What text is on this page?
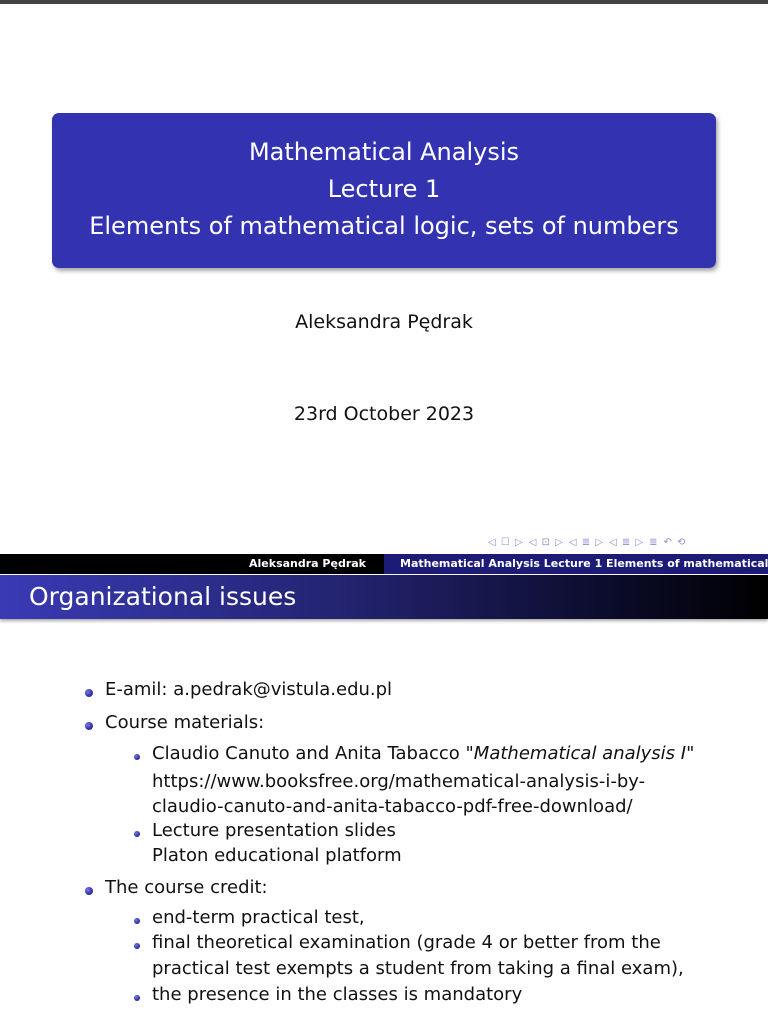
Mathematical Analysis
Lecture 1
Elements of mathematical logic, sets of numbers
Aleksandra Pędrak
23rd October 2023
◁ ☐ ▷ ◁ ⊡ ▷ ◁ ≣ ▷ ◁ ≣ ▷ ≣ ↶ ⟲
Aleksandra Pędrak	Mathematical Analysis Lecture 1 Elements of mathematical
Organizational issues
E-amil: a.pedrak@vistula.edu.pl
Course materials:
Claudio Canuto and Anita Tabacco "Mathematical analysis I"
https://www.booksfree.org/mathematical-analysis-i-by-
claudio-canuto-and-anita-tabacco-pdf-free-download/
Lecture presentation slides
Platon educational platform
The course credit:
end-term practical test,
final theoretical examination (grade 4 or better from the
practical test exempts a student from taking a final exam),
the presence in the classes is mandatory
